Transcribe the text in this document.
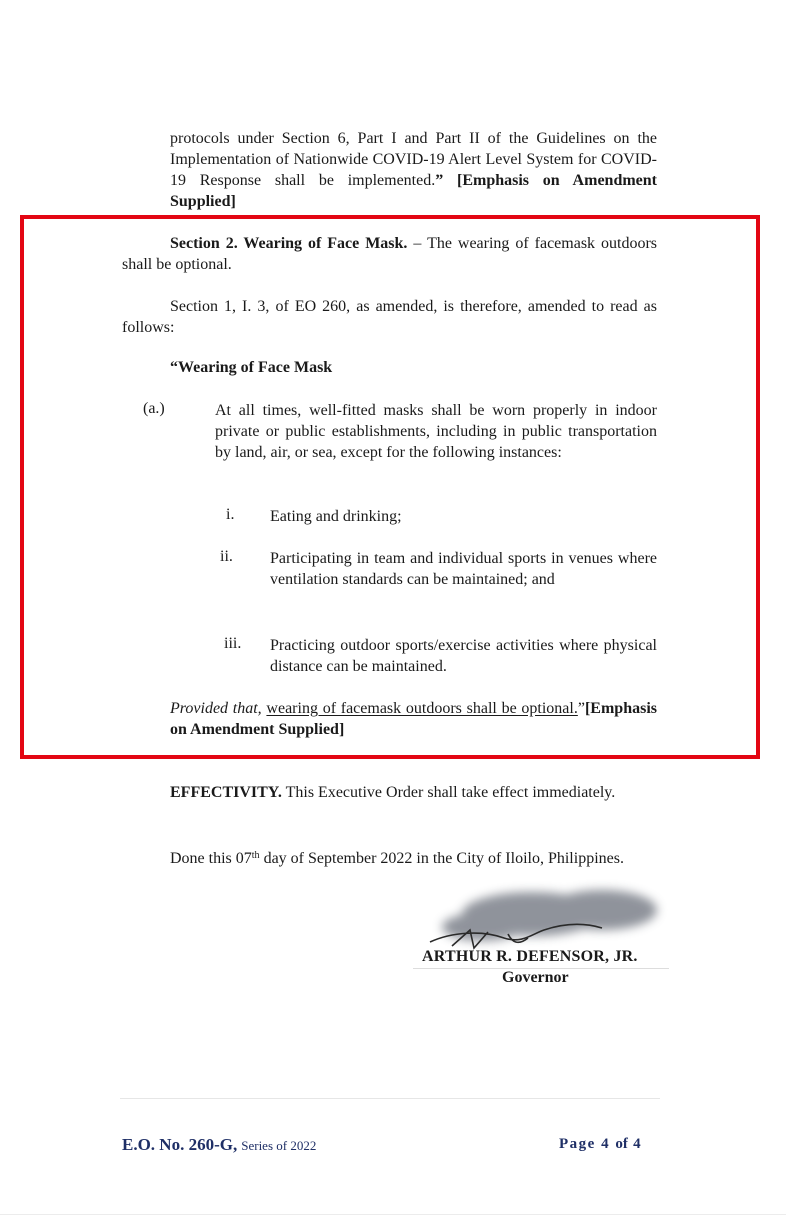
protocols under Section 6, Part I and Part II of the Guidelines on the Implementation of Nationwide COVID-19 Alert Level System for COVID-19 Response shall be implemented.” [Emphasis on Amendment Supplied]
Section 2. Wearing of Face Mask. – The wearing of facemask outdoors shall be optional.
Section 1, I. 3, of EO 260, as amended, is therefore, amended to read as follows:
“Wearing of Face Mask
(a.)	At all times, well-fitted masks shall be worn properly in indoor private or public establishments, including in public transportation by land, air, or sea, except for the following instances:
i. Eating and drinking;
ii. Participating in team and individual sports in venues where ventilation standards can be maintained; and
iii. Practicing outdoor sports/exercise activities where physical distance can be maintained.
Provided that, wearing of facemask outdoors shall be optional.”[Emphasis on Amendment Supplied]
EFFECTIVITY. This Executive Order shall take effect immediately.
Done this 07th day of September 2022 in the City of Iloilo, Philippines.
ARTHUR R. DEFENSOR, JR.
Governor
E.O. No. 260-G, Series of 2022	Page 4 of 4
